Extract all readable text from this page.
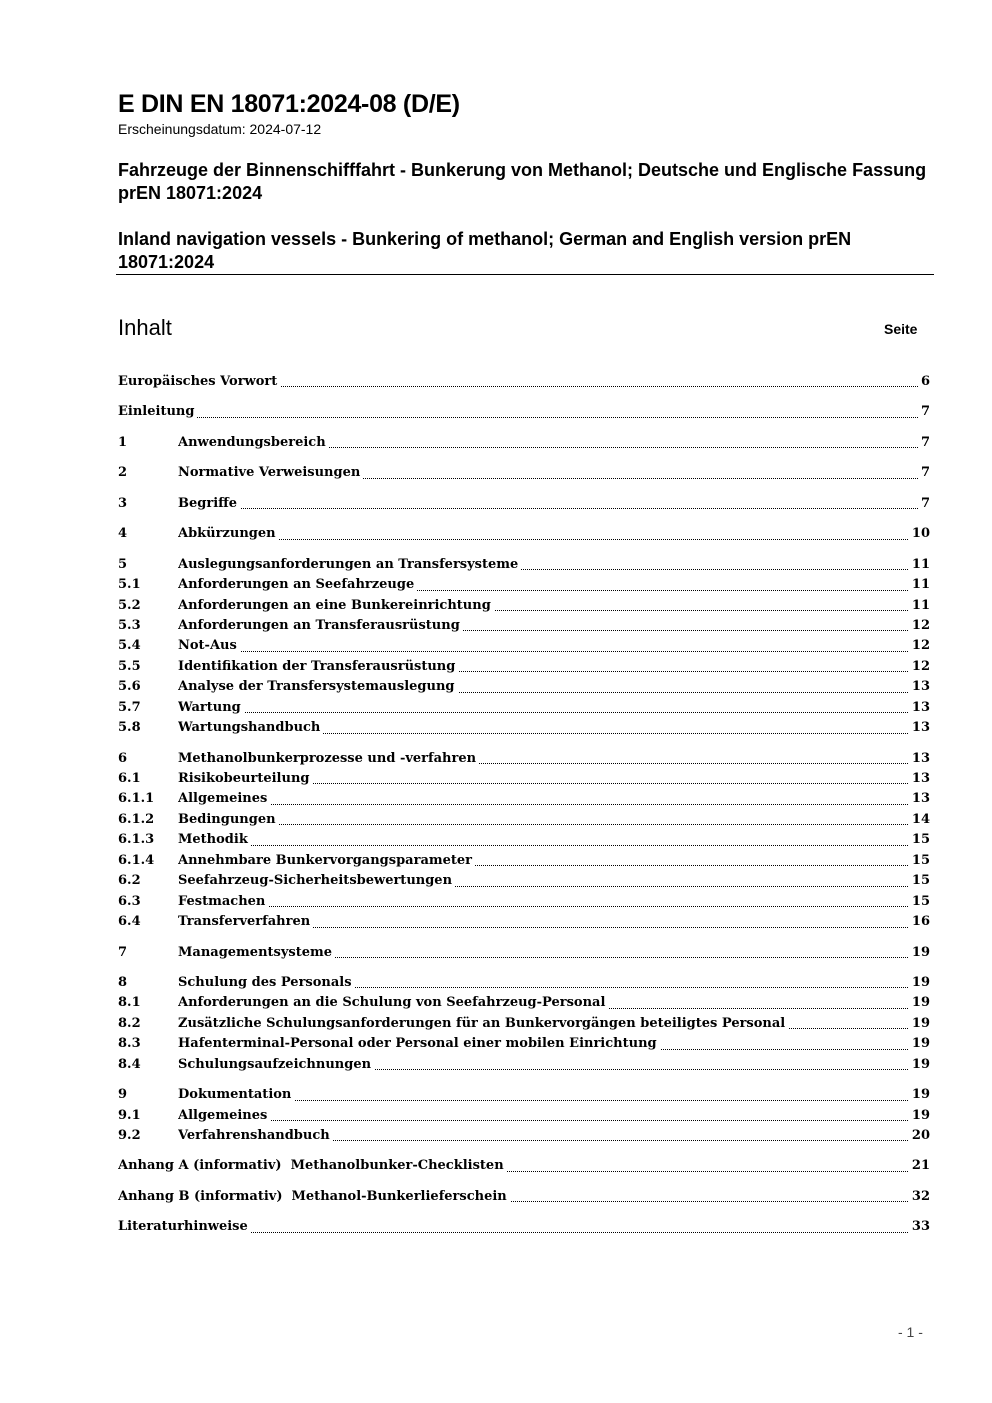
E DIN EN 18071:2024-08 (D/E)
Erscheinungsdatum: 2024-07-12
Fahrzeuge der Binnenschifffahrt - Bunkerung von Methanol; Deutsche und Englische Fassung prEN 18071:2024
Inland navigation vessels - Bunkering of methanol; German and English version prEN 18071:2024
Inhalt	Seite
Europäisches Vorwort	6
Einleitung	7
1	Anwendungsbereich	7
2	Normative Verweisungen	7
3	Begriffe	7
4	Abkürzungen	10
5	Auslegungsanforderungen an Transfersysteme	11
5.1	Anforderungen an Seefahrzeuge	11
5.2	Anforderungen an eine Bunkereinrichtung	11
5.3	Anforderungen an Transferausrüstung	12
5.4	Not-Aus	12
5.5	Identifikation der Transferausrüstung	12
5.6	Analyse der Transfersystemauslegung	13
5.7	Wartung	13
5.8	Wartungshandbuch	13
6	Methanolbunkerprozesse und -verfahren	13
6.1	Risikobeurteilung	13
6.1.1 Allgemeines	13
6.1.2 Bedingungen	14
6.1.3 Methodik	15
6.1.4 Annehmbare Bunkervorgangsparameter	15
6.2	Seefahrzeug-Sicherheitsbewertungen	15
6.3	Festmachen	15
6.4	Transferverfahren	16
7	Managementsysteme	19
8	Schulung des Personals	19
8.1	Anforderungen an die Schulung von Seefahrzeug-Personal	19
8.2	Zusätzliche Schulungsanforderungen für an Bunkervorgängen beteiligtes Personal	19
8.3	Hafenterminal-Personal oder Personal einer mobilen Einrichtung	19
8.4	Schulungsaufzeichnungen	19
9	Dokumentation	19
9.1	Allgemeines	19
9.2	Verfahrenshandbuch	20
Anhang A (informativ)  Methanolbunker-Checklisten	21
Anhang B (informativ)  Methanol-Bunkerlieferschein	32
Literaturhinweise	33
- 1 -
